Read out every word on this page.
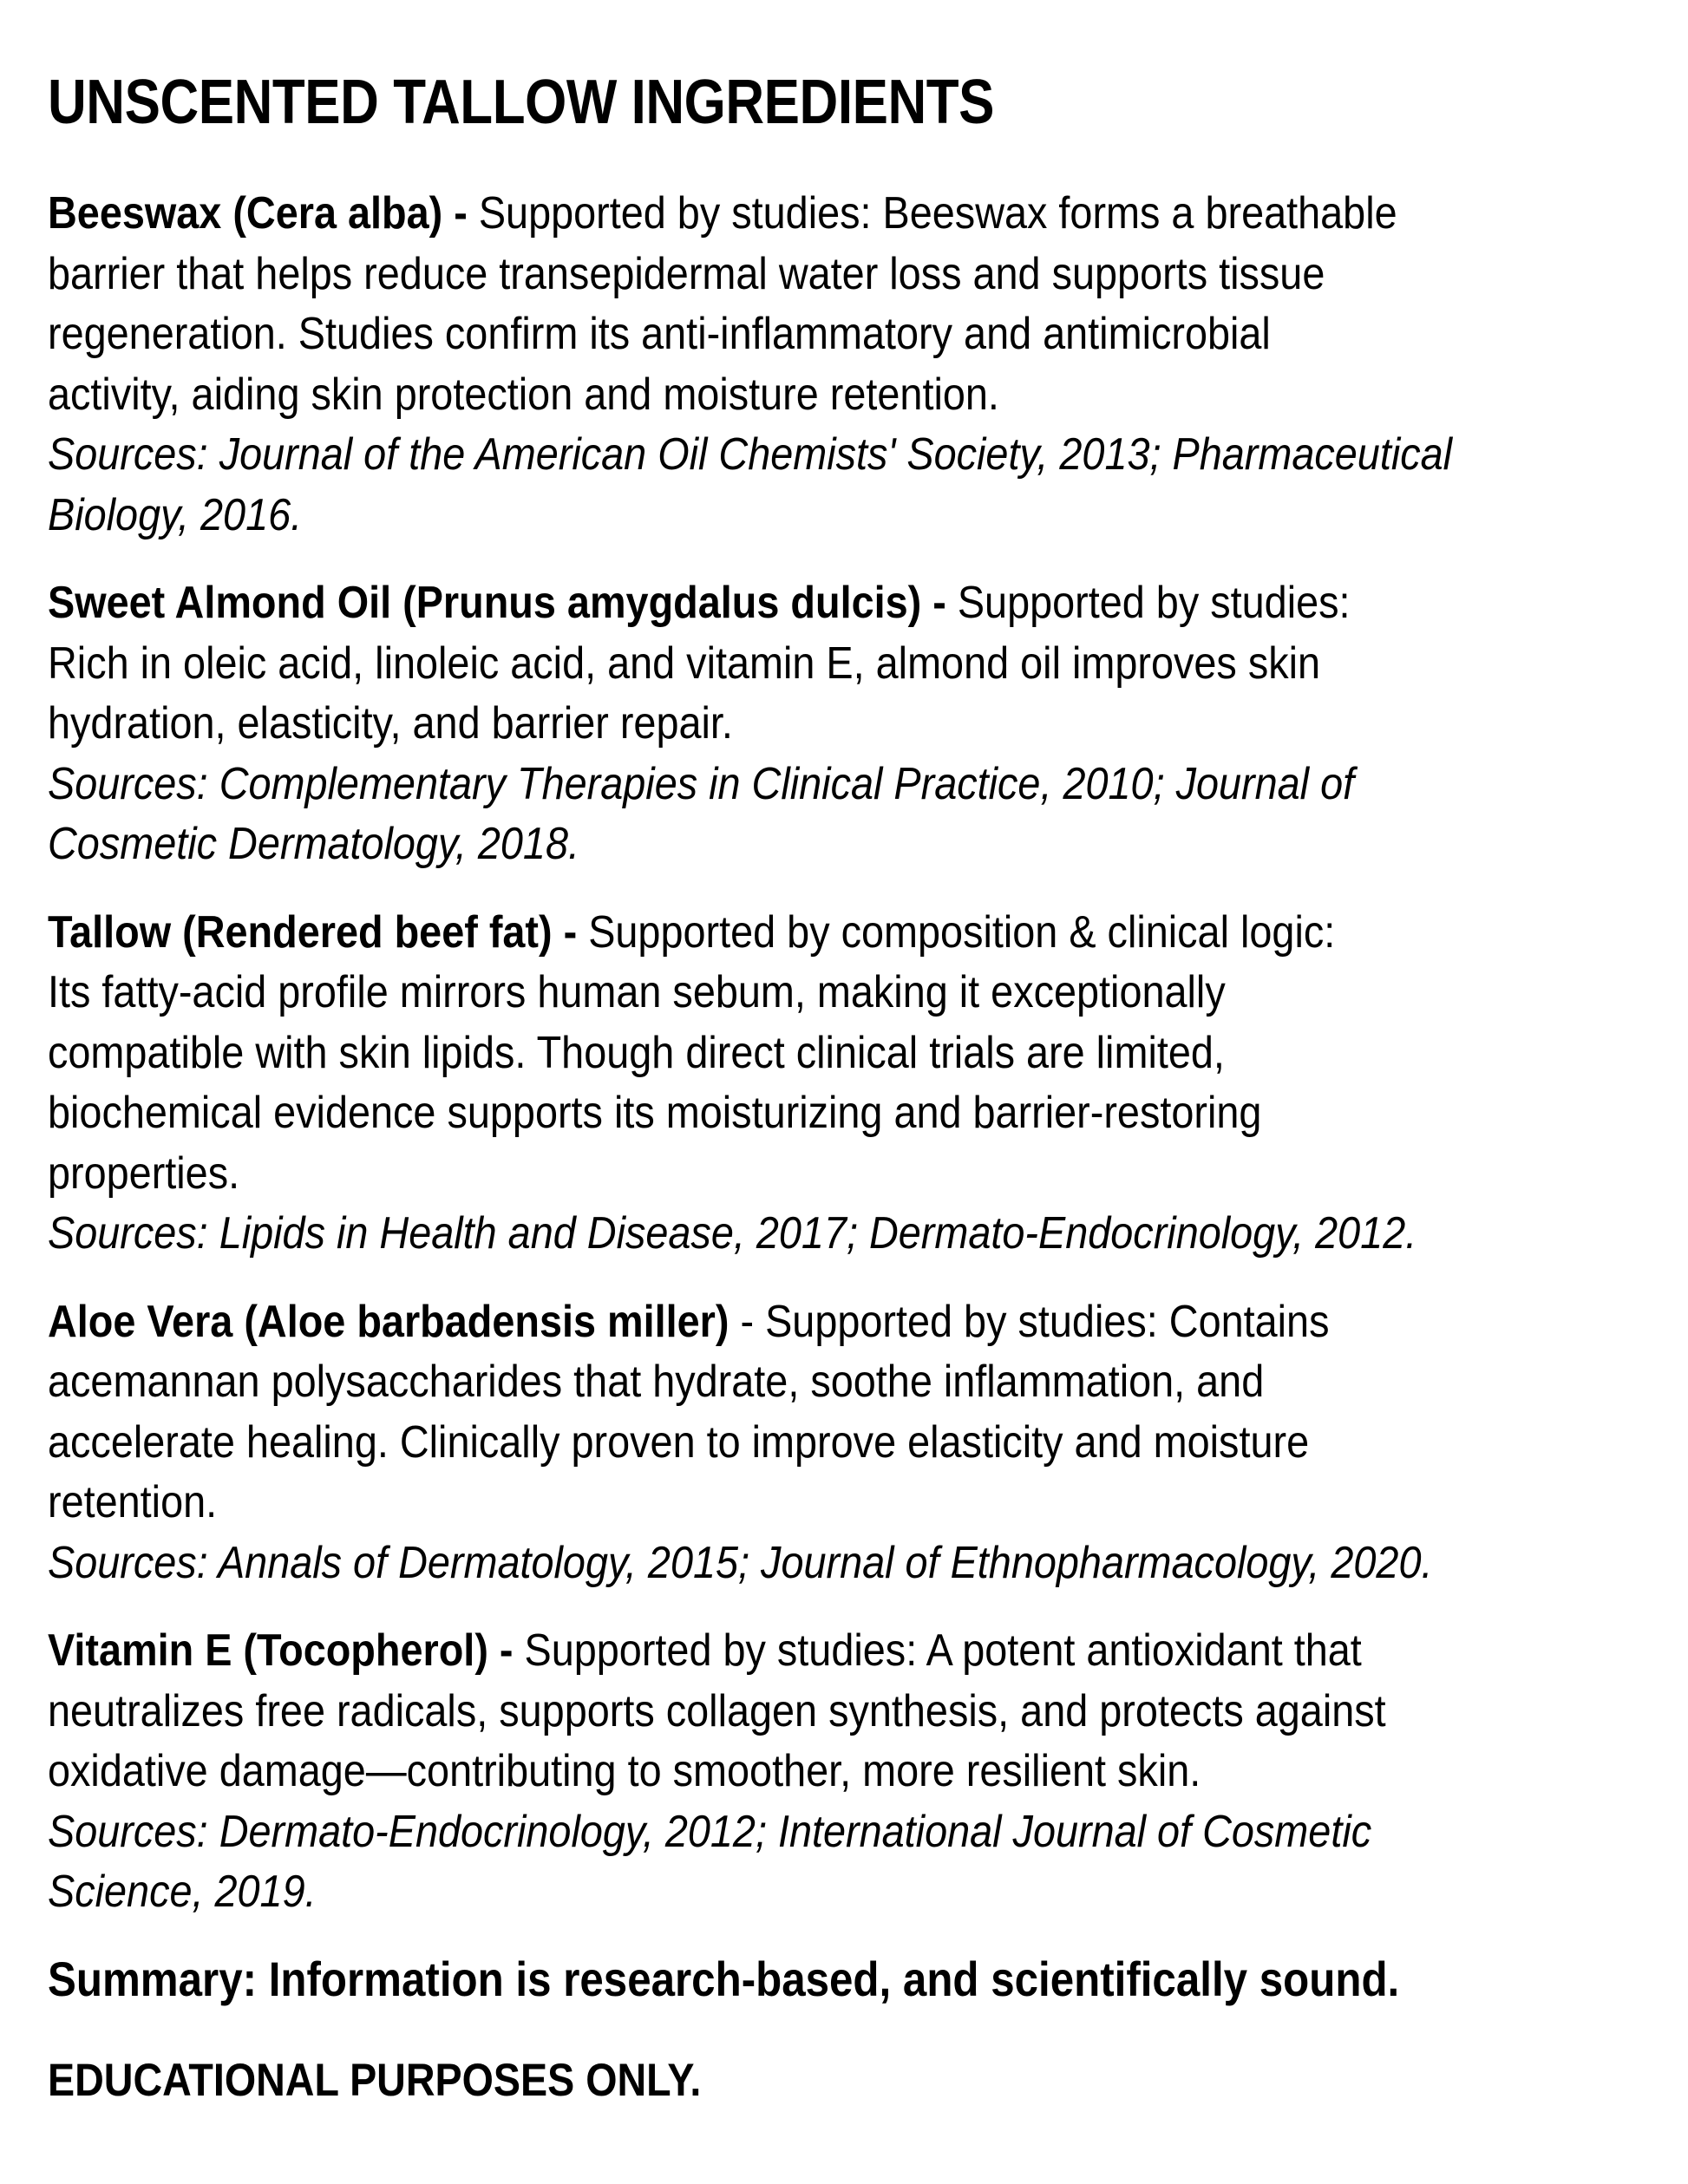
UNSCENTED TALLOW INGREDIENTS
Beeswax (Cera alba) - Supported by studies: Beeswax forms a breathable
barrier that helps reduce transepidermal water loss and supports tissue
regeneration. Studies confirm its anti-inflammatory and antimicrobial
activity, aiding skin protection and moisture retention.
Sources: Journal of the American Oil Chemists' Society, 2013; Pharmaceutical
Biology, 2016.
Sweet Almond Oil (Prunus amygdalus dulcis) - Supported by studies:
Rich in oleic acid, linoleic acid, and vitamin E, almond oil improves skin
hydration, elasticity, and barrier repair.
Sources: Complementary Therapies in Clinical Practice, 2010; Journal of
Cosmetic Dermatology, 2018.
Tallow (Rendered beef fat) - Supported by composition & clinical logic:
Its fatty-acid profile mirrors human sebum, making it exceptionally
compatible with skin lipids. Though direct clinical trials are limited,
biochemical evidence supports its moisturizing and barrier-restoring
properties.
Sources: Lipids in Health and Disease, 2017; Dermato-Endocrinology, 2012.
Aloe Vera (Aloe barbadensis miller) - Supported by studies: Contains
acemannan polysaccharides that hydrate, soothe inflammation, and
accelerate healing. Clinically proven to improve elasticity and moisture
retention.
Sources: Annals of Dermatology, 2015; Journal of Ethnopharmacology, 2020.
Vitamin E (Tocopherol) - Supported by studies: A potent antioxidant that
neutralizes free radicals, supports collagen synthesis, and protects against
oxidative damage—contributing to smoother, more resilient skin.
Sources: Dermato-Endocrinology, 2012; International Journal of Cosmetic
Science, 2019.
Summary: Information is research-based, and scientifically sound.
EDUCATIONAL PURPOSES ONLY.
